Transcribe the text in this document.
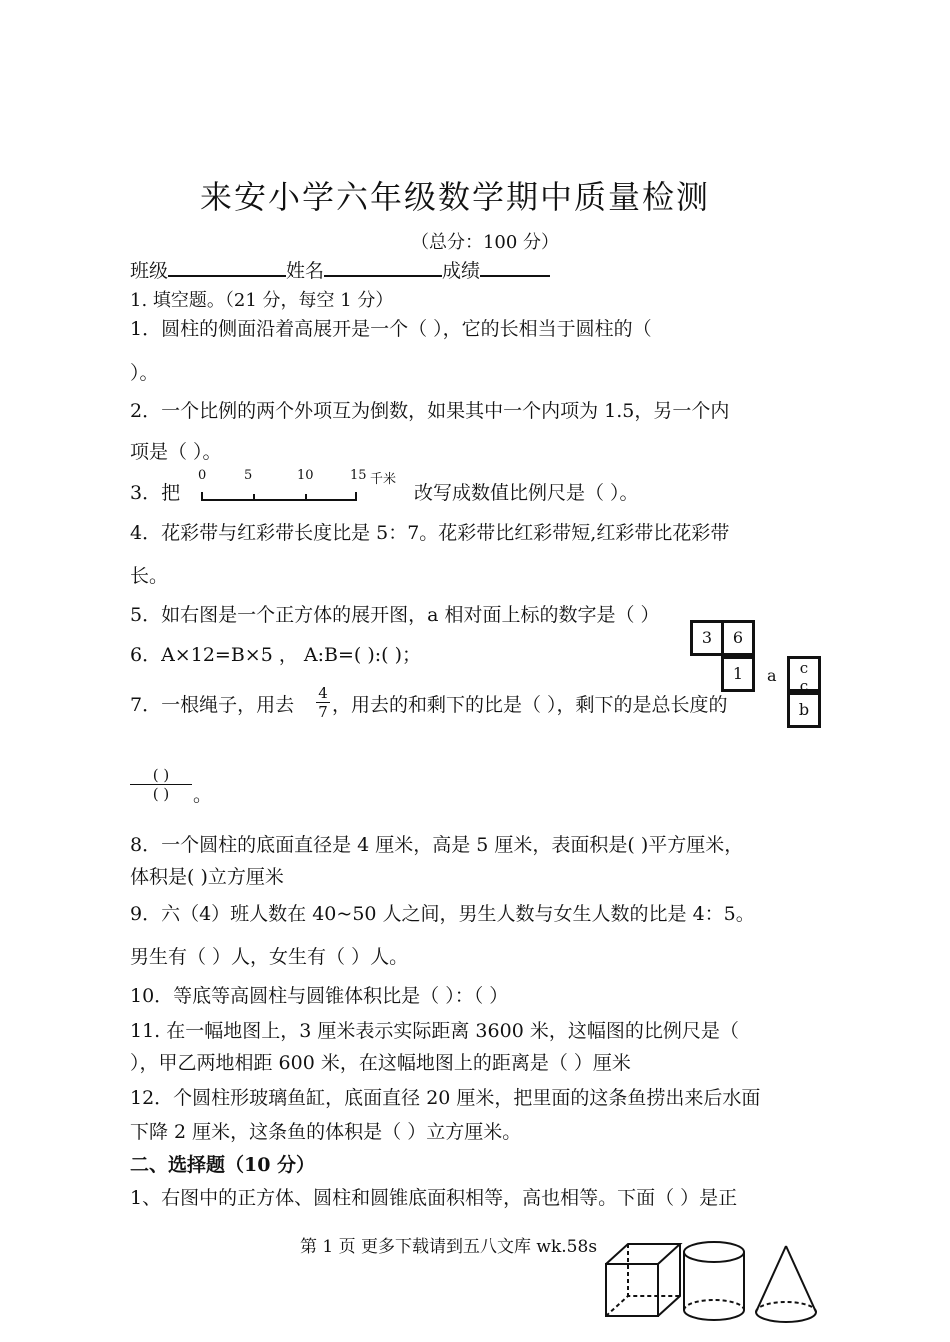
来安小学六年级数学期中质量检测
（总分：100 分）
班级	姓名	成绩
1. 填空题。（21 分，每空 1 分）
1．圆柱的侧面沿着高展开是一个（ ），它的长相当于圆柱的（
）。
2．一个比例的两个外项互为倒数，如果其中一个内项为 1.5，另一个内
项是（ ）。
3．把
0	5	10	15 千米
改写成数值比例尺是（ ）。
4．花彩带与红彩带长度比是 5：7。花彩带比红彩带短,红彩带比花彩带
长。
5．如右图是一个正方体的展开图，a 相对面上标的数字是（ ）
6．A×12=B×5 ， A:B=( ):( )；
3	6
1	a	c
c
b
7．一根绳子，用去 $\frac{4}{7}$ ，用去的和剩下的比是（ ），剩下的是总长度的
( )
( )	。
8．一个圆柱的底面直径是 4 厘米，高是 5 厘米，表面积是( )平方厘米，
体积是( )立方厘米
9．六（4）班人数在 40~50 人之间，男生人数与女生人数的比是 4：5。
男生有（ ）人，女生有（ ）人。
10．等底等高圆柱与圆锥体积比是（ ）：（ ）
11. 在一幅地图上，3 厘米表示实际距离 3600 米，这幅图的比例尺是（
），甲乙两地相距 600 米，在这幅地图上的距离是（ ）厘米
12．个圆柱形玻璃鱼缸，底面直径 20 厘米，把里面的这条鱼捞出来后水面
下降 2 厘米，这条鱼的体积是（ ）立方厘米。
二、选择题（10 分）
1、右图中的正方体、圆柱和圆锥底面积相等，高也相等。下面（ ）是正
第 1 页 更多下载请到五八文库 wk.58s
